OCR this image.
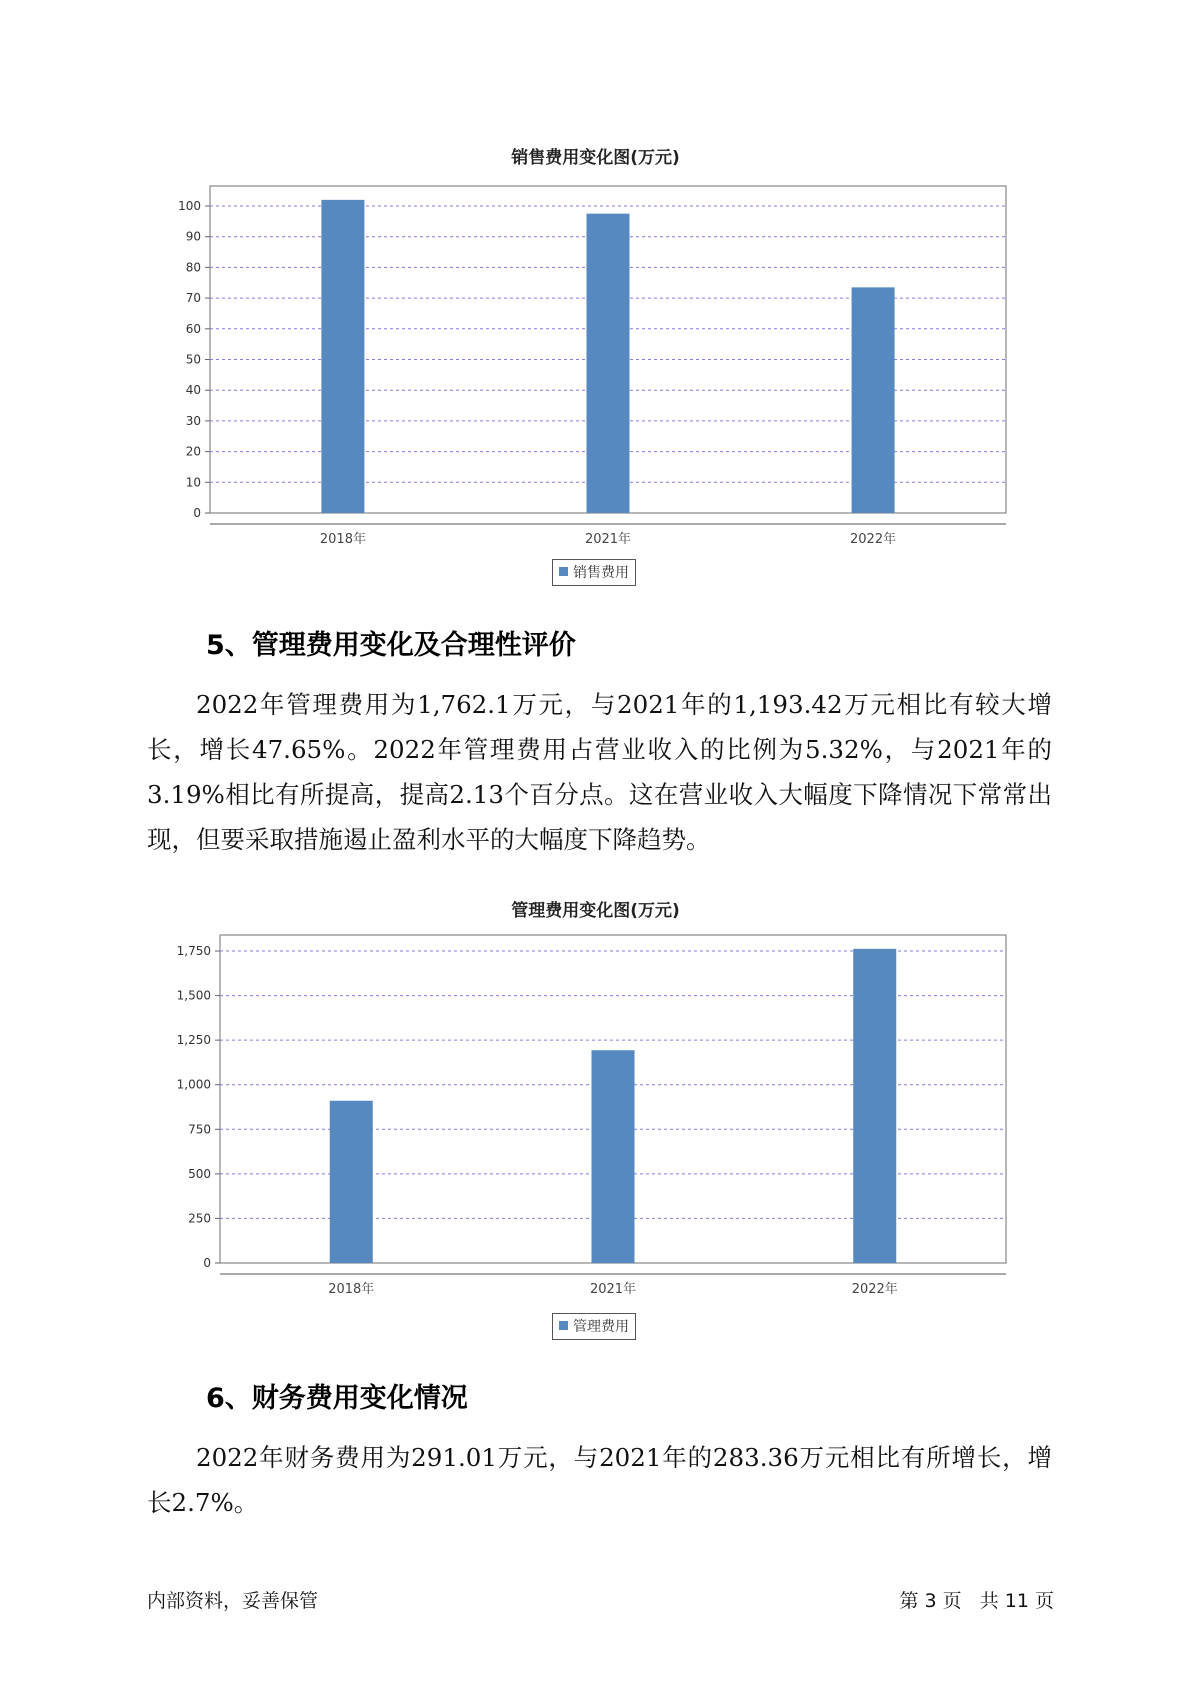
销售费用变化图(万元)
0
10
20
30
40
50
60
70
80
90
100
2018年	2021年	2022年
销售费用
5、管理费用变化及合理性评价
2022年管理费用为1,762.1万元，与2021年的1,193.42万元相比有较大增长，增长47.65%。2022年管理费用占营业收入的比例为5.32%，与2021年的3.19%相比有所提高，提高2.13个百分点。这在营业收入大幅度下降情况下常常出现，但要采取措施遏止盈利水平的大幅度下降趋势。
管理费用变化图(万元)
0
250
500
750
1,000
1,250
1,500
1,750
2018年	2021年	2022年
管理费用
6、财务费用变化情况
2022年财务费用为291.01万元，与2021年的283.36万元相比有所增长，增长2.7%。
内部资料，妥善保管	第 3 页   共 11 页
